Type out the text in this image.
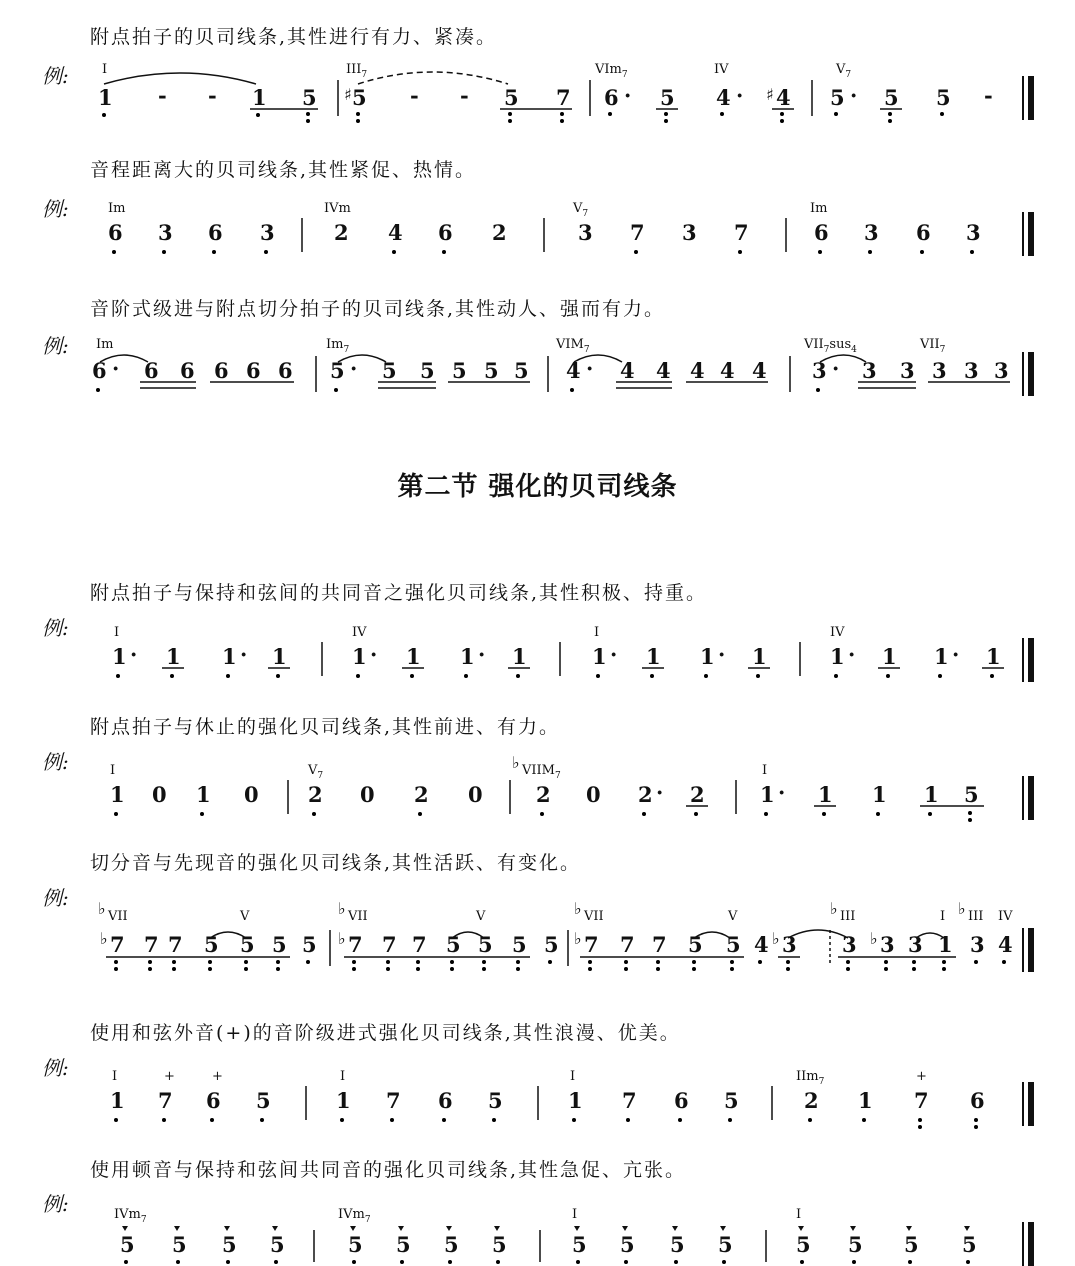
附点拍子的贝司线条,其性进行有力、紧凑。
例:
音程距离大的贝司线条,其性紧促、热情。
例:
音阶式级进与附点切分拍子的贝司线条,其性动人、强而有力。
例:
第二节 强化的贝司线条
附点拍子与保持和弦间的共同音之强化贝司线条,其性积极、持重。
例:
附点拍子与休止的强化贝司线条,其性前进、有力。
例:
切分音与先现音的强化贝司线条,其性活跃、有变化。
例:
使用和弦外音(+)的音阶级进式强化贝司线条,其性浪漫、优美。
例:
使用顿音与保持和弦间共同音的强化贝司线条,其性急促、亢张。
例:
I	$III_7$	VIm$_7$	IV	$V_7$
1 - - 1 5 ♯ 5 - - 5 7 6 · 5 4 · ♯ 4 5 · 5 5 -
Im	IVm	$V_7$	Im
6 3 6 3	2 4 6 2	3 7 3 7	6 3 6 3
Im	$Im_7$	$VIM_7$	$VII_7sus_4$	$VII_7$
6 · 6 6 6 6 6 5 · 5 5 5 5 5 4 · 4 4 4 4 4 3 · 3 3 3 3 3
I	IV	I	IV
1 · 1 1 · 1	1 · 1 1 · 1	1 · 1 1 · 1	1 · 1 1 · 1
I	$V_7$
♭ $VIIM_7$	I
1 0 1 0 2 0 2 0	2 0 2 · 2	1 · 1 1 1 5
♭ VII	V	♭ VII	V	♭ VII	V	♭ III	I ♭ III IV
♭ 7 7 7 5 5 5 5 ♭ 7 7 7 5 5 5 5 ♭ 7 7 7 5 5 4 ♭ 3 3 ♭ 3 3 1 3 4
I	+	+	I	I	IIm$_7$	+
1 7 6 5	1 7 6 5	1 7 6 5	2 1 7 6
IVm$_7$	IVm$_7$	I	I
5 5 5 5	5 5 5 5	5 5 5 5	5 5 5 5
